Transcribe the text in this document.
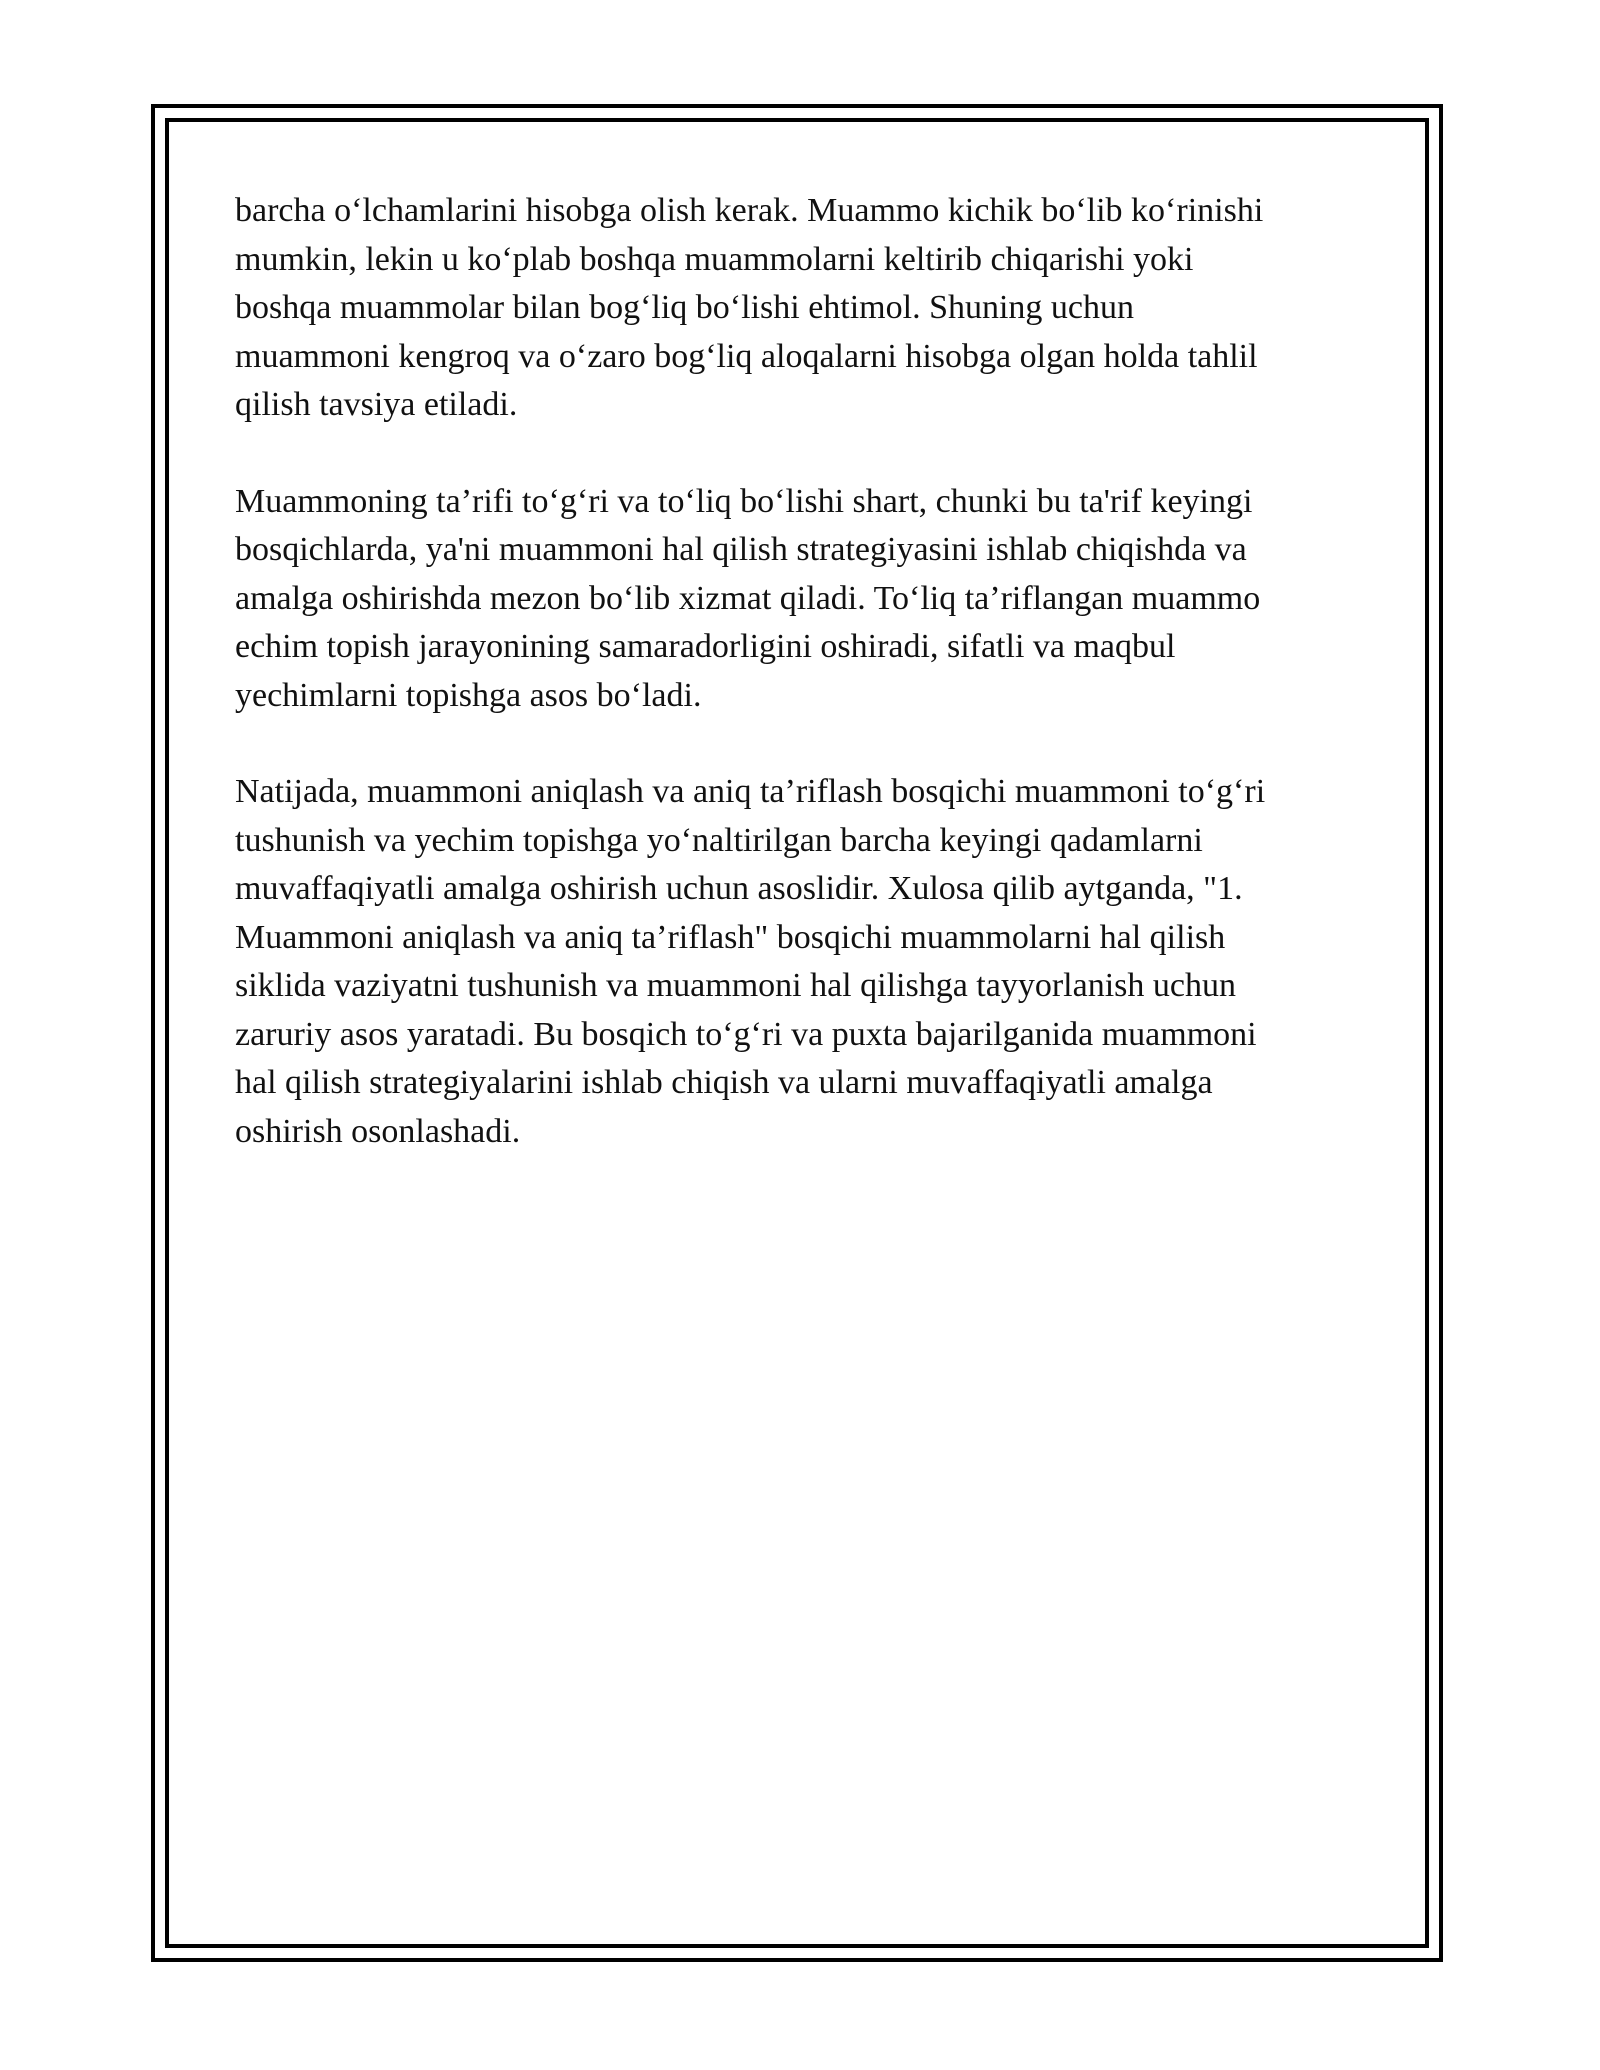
barcha o‘lchamlarini hisobga olish kerak. Muammo kichik bo‘lib ko‘rinishi
mumkin, lekin u ko‘plab boshqa muammolarni keltirib chiqarishi yoki
boshqa muammolar bilan bog‘liq bo‘lishi ehtimol. Shuning uchun
muammoni kengroq va o‘zaro bog‘liq aloqalarni hisobga olgan holda tahlil
qilish tavsiya etiladi.

Muammoning ta’rifi to‘g‘ri va to‘liq bo‘lishi shart, chunki bu ta'rif keyingi
bosqichlarda, ya'ni muammoni hal qilish strategiyasini ishlab chiqishda va
amalga oshirishda mezon bo‘lib xizmat qiladi. To‘liq ta’riflangan muammo
echim topish jarayonining samaradorligini oshiradi, sifatli va maqbul
yechimlarni topishga asos bo‘ladi.

Natijada, muammoni aniqlash va aniq ta’riflash bosqichi muammoni to‘g‘ri
tushunish va yechim topishga yo‘naltirilgan barcha keyingi qadamlarni
muvaffaqiyatli amalga oshirish uchun asoslidir. Xulosa qilib aytganda, "1.
Muammoni aniqlash va aniq ta’riflash" bosqichi muammolarni hal qilish
siklida vaziyatni tushunish va muammoni hal qilishga tayyorlanish uchun
zaruriy asos yaratadi. Bu bosqich to‘g‘ri va puxta bajarilganida muammoni
hal qilish strategiyalarini ishlab chiqish va ularni muvaffaqiyatli amalga
oshirish osonlashadi.
